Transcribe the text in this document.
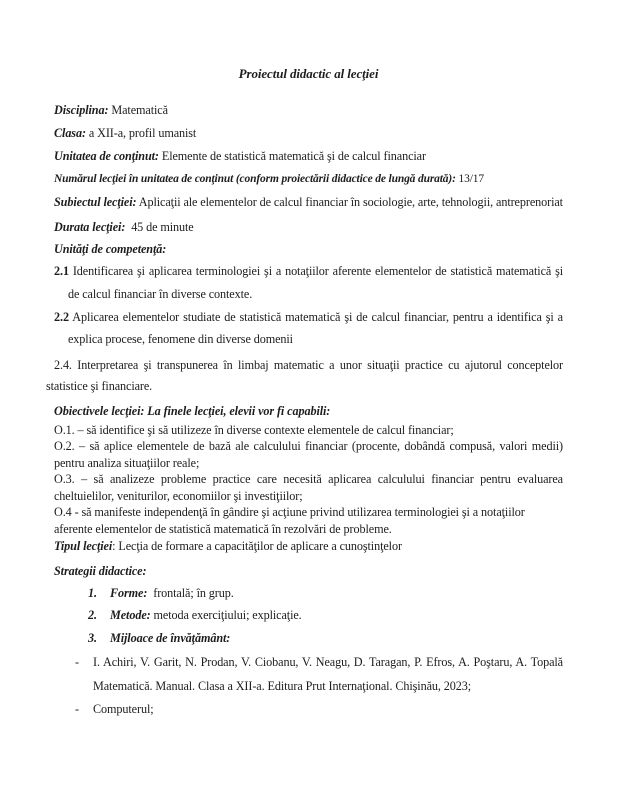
Proiectul didactic al lecţiei

Disciplina: Matematică

Clasa: a XII-a, profil umanist

Unitatea de conţinut: Elemente de statistică matematică şi de calcul financiar

Numărul lecţiei în unitatea de conţinut (conform proiectării didactice de lungă durată): 13/17

Subiectul lecţiei: Aplicaţii ale elementelor de calcul financiar în sociologie, arte, tehnologii, antreprenoriat

Durata lecţiei: 45 de minute

Unităţi de competenţă:

2.1 Identificarea şi aplicarea terminologiei şi a notaţiilor aferente elementelor de statistică matematică şi de calcul financiar în diverse contexte.

2.2 Aplicarea elementelor studiate de statistică matematică şi de calcul financiar, pentru a identifica şi a explica procese, fenomene din diverse domenii

2.4. Interpretarea şi transpunerea în limbaj matematic a unor situaţii practice cu ajutorul conceptelor statistice şi financiare.

Obiectivele lecţiei: La finele lecţiei, elevii vor fi capabili:

O.1. – să identifice şi să utilizeze în diverse contexte elementele de calcul financiar;

O.2. – să aplice elementele de bază ale calculului financiar (procente, dobândă compusă, valori medii) pentru analiza situaţiilor reale;

O.3. – să analizeze probleme practice care necesită aplicarea calculului financiar pentru evaluarea cheltuielilor, veniturilor, economiilor şi investiţiilor;

O.4 - să manifeste independenţă în gândire şi acţiune privind utilizarea terminologiei şi a notaţiilor aferente elementelor de statistică matematică în rezolvări de probleme.

Tipul lecţiei: Lecţia de formare a capacităţilor de aplicare a cunoştinţelor

Strategii didactice:

1. Forme: frontală; în grup.
2. Metode: metoda exerciţiului; explicaţie.
3. Mijloace de învăţământ:
- I. Achiri, V. Garit, N. Prodan, V. Ciobanu, V. Neagu, D. Taragan, P. Efros, A. Poştaru, A. Topală Matematică. Manual. Clasa a XII-a. Editura Prut Internaţional. Chişinău, 2023;
- Computerul;
